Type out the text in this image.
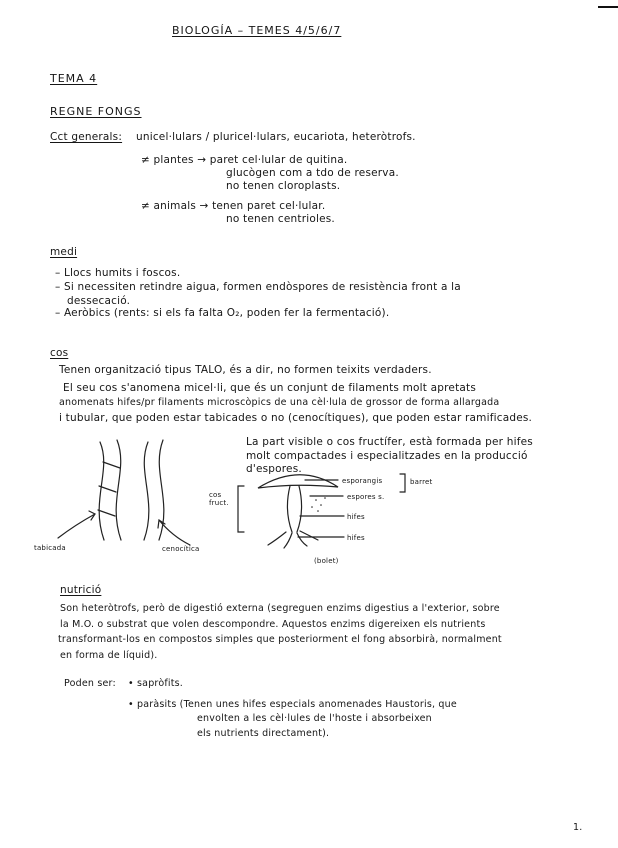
BIOLOGÍA – TEMES 4/5/6/7
TEMA 4
REGNE FONGS
Cct generals: unicel·lulars / pluricel·lulars, eucariota, heteròtrofs.
≠ plantes → paret cel·lular de quitina.
glucògen com a tdo de reserva.
no tenen cloroplasts.
≠ animals → tenen paret cel·lular.
no tenen centrioles.
medi
– Llocs humits i foscos.
– Si necessiten retindre aigua, formen endòspores de resistència front a la
dessecació.
– Aeròbics (rents: si els fa falta O₂, poden fer la fermentació).
cos
Tenen organització tipus TALO, és a dir, no formen teixits verdaders.
El seu cos s'anomena micel·li, que és un conjunt de filaments molt apretats
anomenats hifes/pr filaments microscòpics de una cèl·lula de grossor de forma allargada
i tubular, que poden estar tabicades o no (cenocítiques), que poden estar ramificades.
La part visible o cos fructífer, està formada per hifes
molt compactades i especialitzades en la producció
d'espores.
tabicada	cenocítica
cos fruct.
esporangis	barret
espores s.
hifes
hifes
(bolet)
nutrició
Son heteròtrofs, però de digestió externa (segreguen enzims digestius a l'exterior, sobre
la M.O. o substrat que volen descompondre. Aquestos enzims digereixen els nutrients
transformant-los en compostos simples que posteriorment el fong absorbirà, normalment
en forma de líquid).
Poden ser: • sapròfits.
• paràsits (Tenen unes hifes especials anomenades Haustoris, que
envolten a les cèl·lules de l'hoste i absorbeixen
els nutrients directament).
1.
